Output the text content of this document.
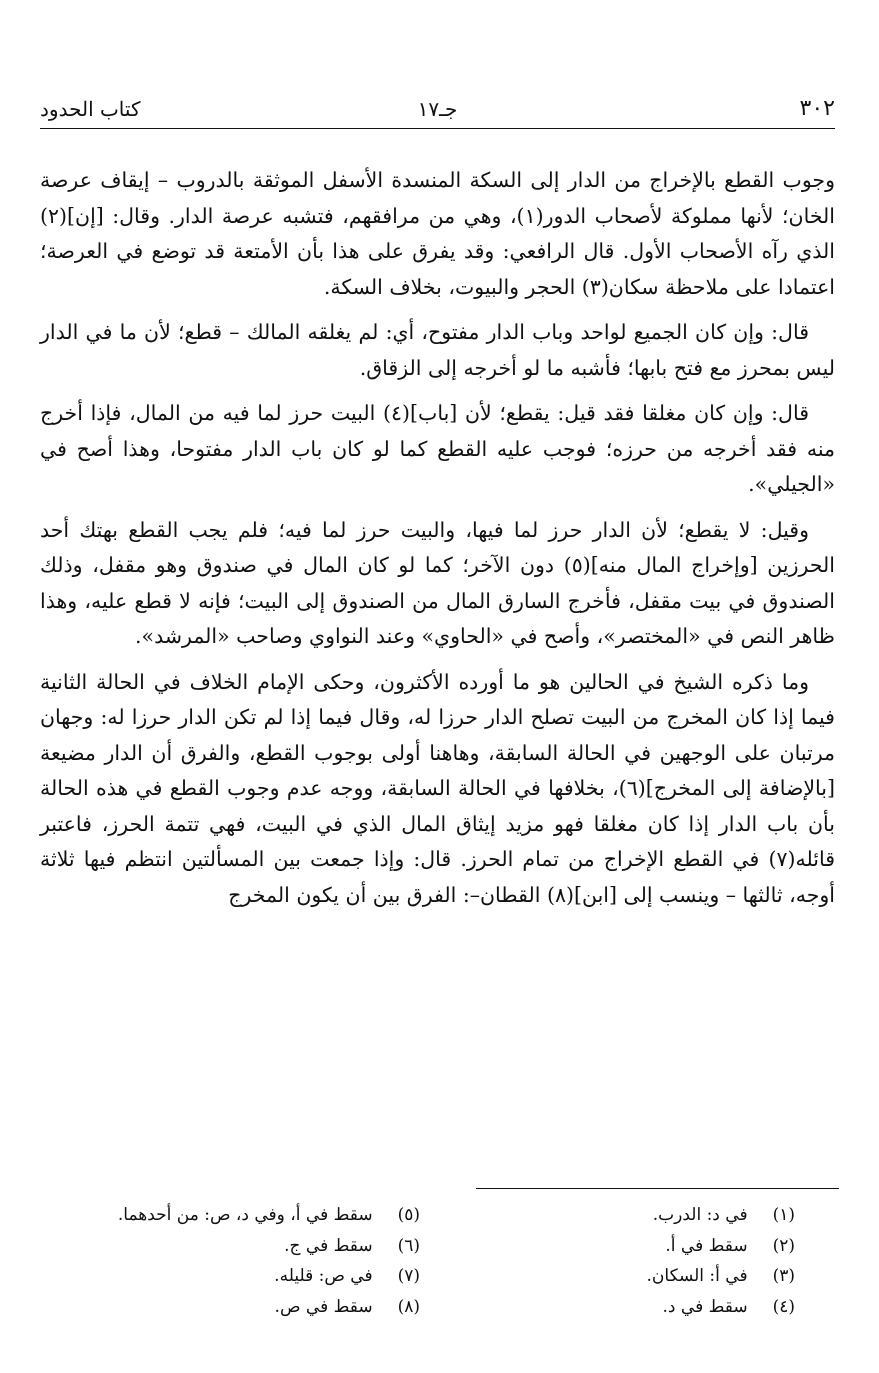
٣٠٢
جـ١٧
كتاب الحدود

وجوب القطع بالإخراج من الدار إلى السكة المنسدة الأسفل الموثقة بالدروب – إيقاف عرصة الخان؛ لأنها مملوكة لأصحاب الدور(١)، وهي من مرافقهم، فتشبه عرصة الدار. وقال: [إن](٢) الذي رآه الأصحاب الأول. قال الرافعي: وقد يفرق على هذا بأن الأمتعة قد توضع في العرصة؛ اعتمادا على ملاحظة سكان(٣) الحجر والبيوت، بخلاف السكة.

قال: وإن كان الجميع لواحد وباب الدار مفتوح، أي: لم يغلقه المالك – قطع؛ لأن ما في الدار ليس بمحرز مع فتح بابها؛ فأشبه ما لو أخرجه إلى الزقاق.

قال: وإن كان مغلقا فقد قيل: يقطع؛ لأن [باب](٤) البيت حرز لما فيه من المال، فإذا أخرج منه فقد أخرجه من حرزه؛ فوجب عليه القطع كما لو كان باب الدار مفتوحا، وهذا أصح في «الجيلي».

وقيل: لا يقطع؛ لأن الدار حرز لما فيها، والبيت حرز لما فيه؛ فلم يجب القطع بهتك أحد الحرزين [وإخراج المال منه](٥) دون الآخر؛ كما لو كان المال في صندوق وهو مقفل، وذلك الصندوق في بيت مقفل، فأخرج السارق المال من الصندوق إلى البيت؛ فإنه لا قطع عليه، وهذا ظاهر النص في «المختصر»، وأصح في «الحاوي» وعند النواوي وصاحب «المرشد».

وما ذكره الشيخ في الحالين هو ما أورده الأكثرون، وحكى الإمام الخلاف في الحالة الثانية فيما إذا كان المخرج من البيت تصلح الدار حرزا له، وقال فيما إذا لم تكن الدار حرزا له: وجهان مرتبان على الوجهين في الحالة السابقة، وهاهنا أولى بوجوب القطع، والفرق أن الدار مضيعة [بالإضافة إلى المخرج](٦)، بخلافها في الحالة السابقة، ووجه عدم وجوب القطع في هذه الحالة بأن باب الدار إذا كان مغلقا فهو مزيد إيثاق المال الذي في البيت، فهي تتمة الحرز، فاعتبر قائله(٧) في القطع الإخراج من تمام الحرز. قال: وإذا جمعت بين المسألتين انتظم فيها ثلاثة أوجه، ثالثها – وينسب إلى [ابن](٨) القطان–: الفرق بين أن يكون المخرج

(١) في د: الدرب.
(٢) سقط في أ.
(٣) في أ: السكان.
(٤) سقط في د.
(٥) سقط في أ، وفي د، ص: من أحدهما.
(٦) سقط في ج.
(٧) في ص: قليله.
(٨) سقط في ص.
